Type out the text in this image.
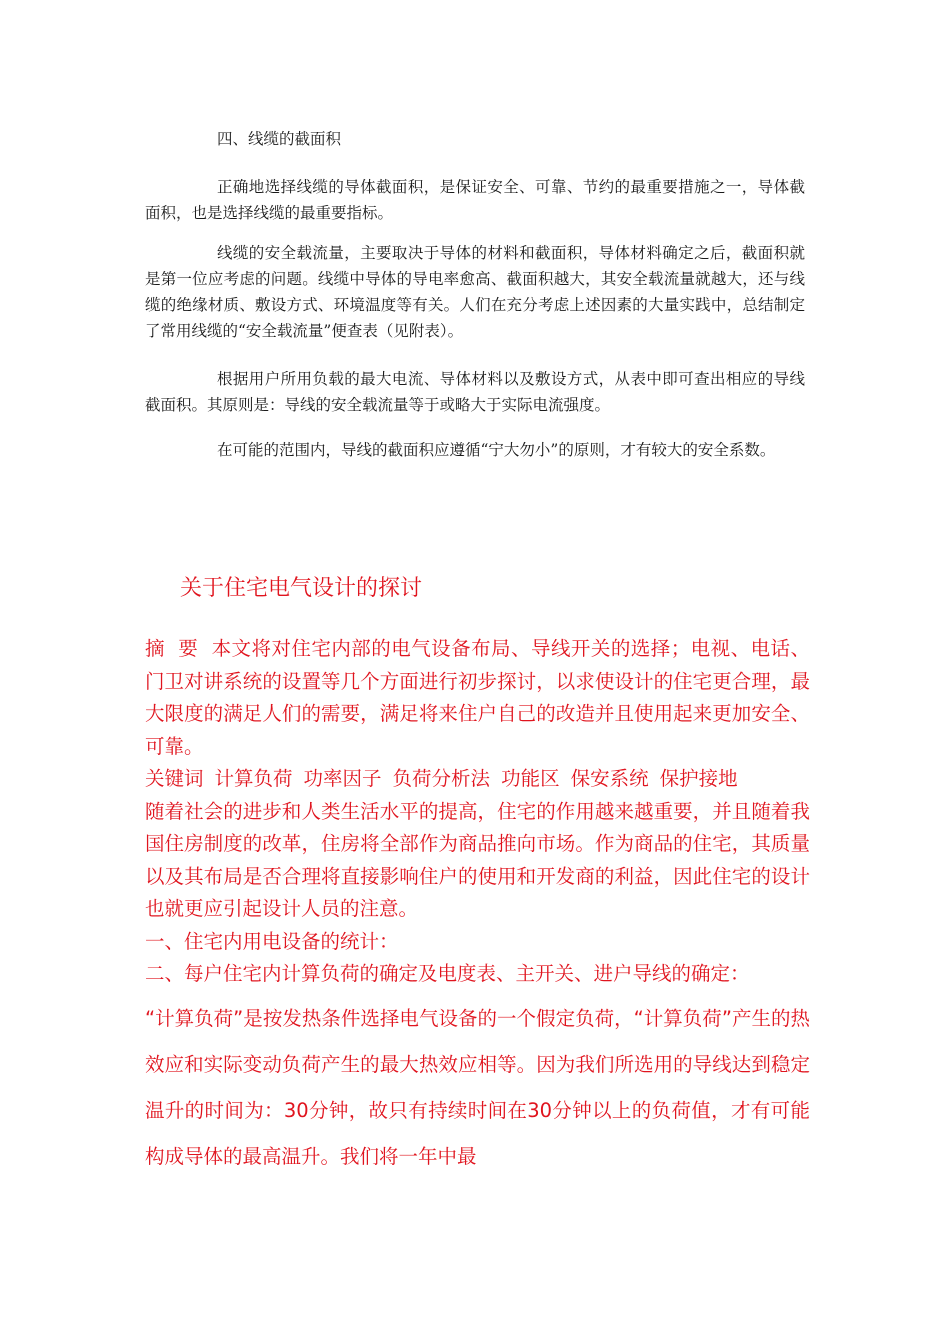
四、线缆的截面积

正确地选择线缆的导体截面积，是保证安全、可靠、节约的最重要措施之一，导体截面积，也是选择线缆的最重要指标。

线缆的安全载流量，主要取决于导体的材料和截面积，导体材料确定之后，截面积就是第一位应考虑的问题。线缆中导体的导电率愈高、截面积越大，其安全载流量就越大，还与线缆的绝缘材质、敷设方式、环境温度等有关。人们在充分考虑上述因素的大量实践中，总结制定了常用线缆的“安全载流量”便查表（见附表）。

根据用户所用负载的最大电流、导体材料以及敷设方式，从表中即可查出相应的导线截面积。其原则是：导线的安全载流量等于或略大于实际电流强度。

在可能的范围内，导线的截面积应遵循“宁大勿小”的原则，才有较大的安全系数。

关于住宅电气设计的探讨

摘  要  本文将对住宅内部的电气设备布局、导线开关的选择；电视、电话、门卫对讲系统的设置等几个方面进行初步探讨，以求使设计的住宅更合理，最大限度的满足人们的需要，满足将来住户自己的改造并且使用起来更加安全、可靠。

关键词 计算负荷 功率因子 负荷分析法 功能区 保安系统 保护接地

随着社会的进步和人类生活水平的提高，住宅的作用越来越重要，并且随着我国住房制度的改革，住房将全部作为商品推向市场。作为商品的住宅，其质量以及其布局是否合理将直接影响住户的使用和开发商的利益，因此住宅的设计也就更应引起设计人员的注意。

一、住宅内用电设备的统计：

二、每户住宅内计算负荷的确定及电度表、主开关、进户导线的确定：

“计算负荷”是按发热条件选择电气设备的一个假定负荷，“计算负荷”产生的热效应和实际变动负荷产生的最大热效应相等。因为我们所选用的导线达到稳定温升的时间为：30分钟，故只有持续时间在30分钟以上的负荷值，才有可能构成导体的最高温升。我们将一年中最
